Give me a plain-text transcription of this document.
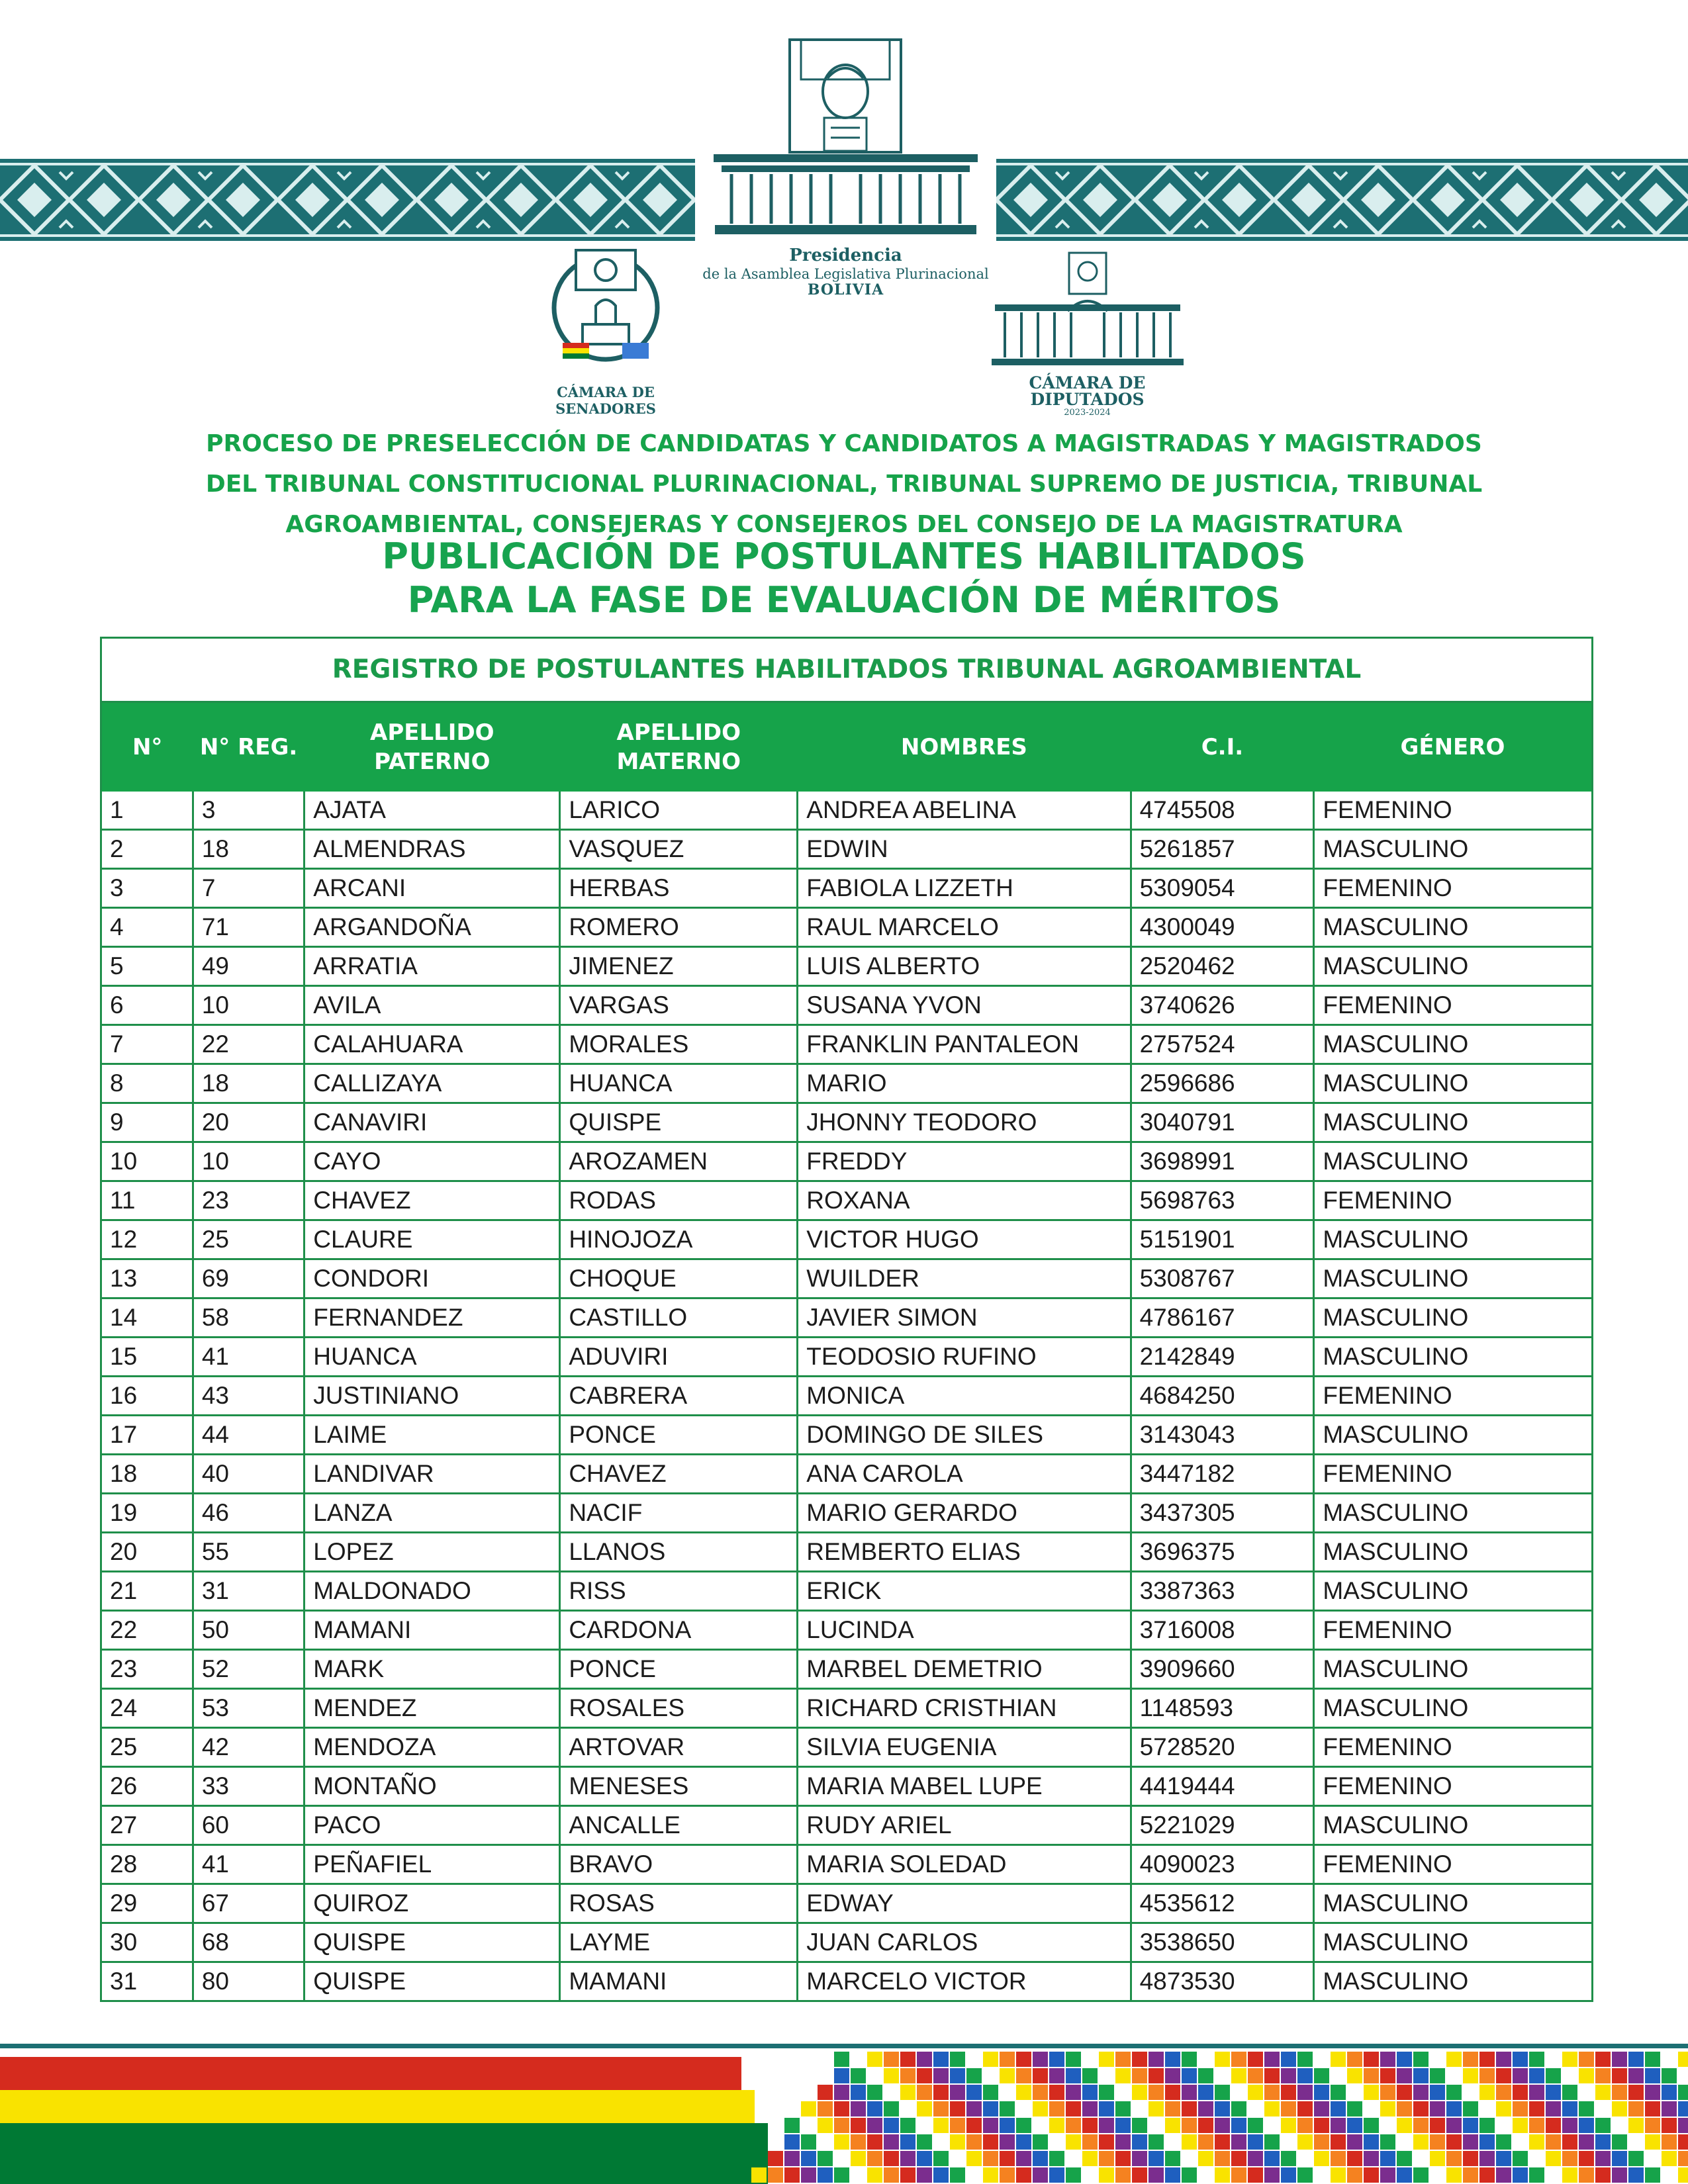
Presidencia
de la Asamblea Legislativa Plurinacional
BOLIVIA
CÁMARA DE SENADORES
CÁMARA DE DIPUTADOS
2023-2024
PROCESO DE PRESELECCIÓN DE CANDIDATAS Y CANDIDATOS A MAGISTRADAS Y MAGISTRADOS
DEL TRIBUNAL CONSTITUCIONAL PLURINACIONAL, TRIBUNAL SUPREMO DE JUSTICIA, TRIBUNAL
AGROAMBIENTAL, CONSEJERAS Y CONSEJEROS DEL CONSEJO DE LA MAGISTRATURA
PUBLICACIÓN DE POSTULANTES HABILITADOS
PARA LA FASE DE EVALUACIÓN DE MÉRITOS
REGISTRO DE POSTULANTES HABILITADOS TRIBUNAL AGROAMBIENTAL
N°	N° REG.	APELLIDO PATERNO	APELLIDO MATERNO	NOMBRES	C.I.	GÉNERO
1	3	AJATA	LARICO	ANDREA ABELINA	4745508	FEMENINO
2	18	ALMENDRAS	VASQUEZ	EDWIN	5261857	MASCULINO
3	7	ARCANI	HERBAS	FABIOLA LIZZETH	5309054	FEMENINO
4	71	ARGANDOÑA	ROMERO	RAUL MARCELO	4300049	MASCULINO
5	49	ARRATIA	JIMENEZ	LUIS ALBERTO	2520462	MASCULINO
6	10	AVILA	VARGAS	SUSANA YVON	3740626	FEMENINO
7	22	CALAHUARA	MORALES	FRANKLIN PANTALEON	2757524	MASCULINO
8	18	CALLIZAYA	HUANCA	MARIO	2596686	MASCULINO
9	20	CANAVIRI	QUISPE	JHONNY TEODORO	3040791	MASCULINO
10	10	CAYO	AROZAMEN	FREDDY	3698991	MASCULINO
11	23	CHAVEZ	RODAS	ROXANA	5698763	FEMENINO
12	25	CLAURE	HINOJOZA	VICTOR HUGO	5151901	MASCULINO
13	69	CONDORI	CHOQUE	WUILDER	5308767	MASCULINO
14	58	FERNANDEZ	CASTILLO	JAVIER SIMON	4786167	MASCULINO
15	41	HUANCA	ADUVIRI	TEODOSIO RUFINO	2142849	MASCULINO
16	43	JUSTINIANO	CABRERA	MONICA	4684250	FEMENINO
17	44	LAIME	PONCE	DOMINGO DE SILES	3143043	MASCULINO
18	40	LANDIVAR	CHAVEZ	ANA CAROLA	3447182	FEMENINO
19	46	LANZA	NACIF	MARIO GERARDO	3437305	MASCULINO
20	55	LOPEZ	LLANOS	REMBERTO ELIAS	3696375	MASCULINO
21	31	MALDONADO	RISS	ERICK	3387363	MASCULINO
22	50	MAMANI	CARDONA	LUCINDA	3716008	FEMENINO
23	52	MARK	PONCE	MARBEL DEMETRIO	3909660	MASCULINO
24	53	MENDEZ	ROSALES	RICHARD CRISTHIAN	1148593	MASCULINO
25	42	MENDOZA	ARTOVAR	SILVIA EUGENIA	5728520	FEMENINO
26	33	MONTAÑO	MENESES	MARIA MABEL LUPE	4419444	FEMENINO
27	60	PACO	ANCALLE	RUDY ARIEL	5221029	MASCULINO
28	41	PEÑAFIEL	BRAVO	MARIA SOLEDAD	4090023	FEMENINO
29	67	QUIROZ	ROSAS	EDWAY	4535612	MASCULINO
30	68	QUISPE	LAYME	JUAN CARLOS	3538650	MASCULINO
31	80	QUISPE	MAMANI	MARCELO VICTOR	4873530	MASCULINO
